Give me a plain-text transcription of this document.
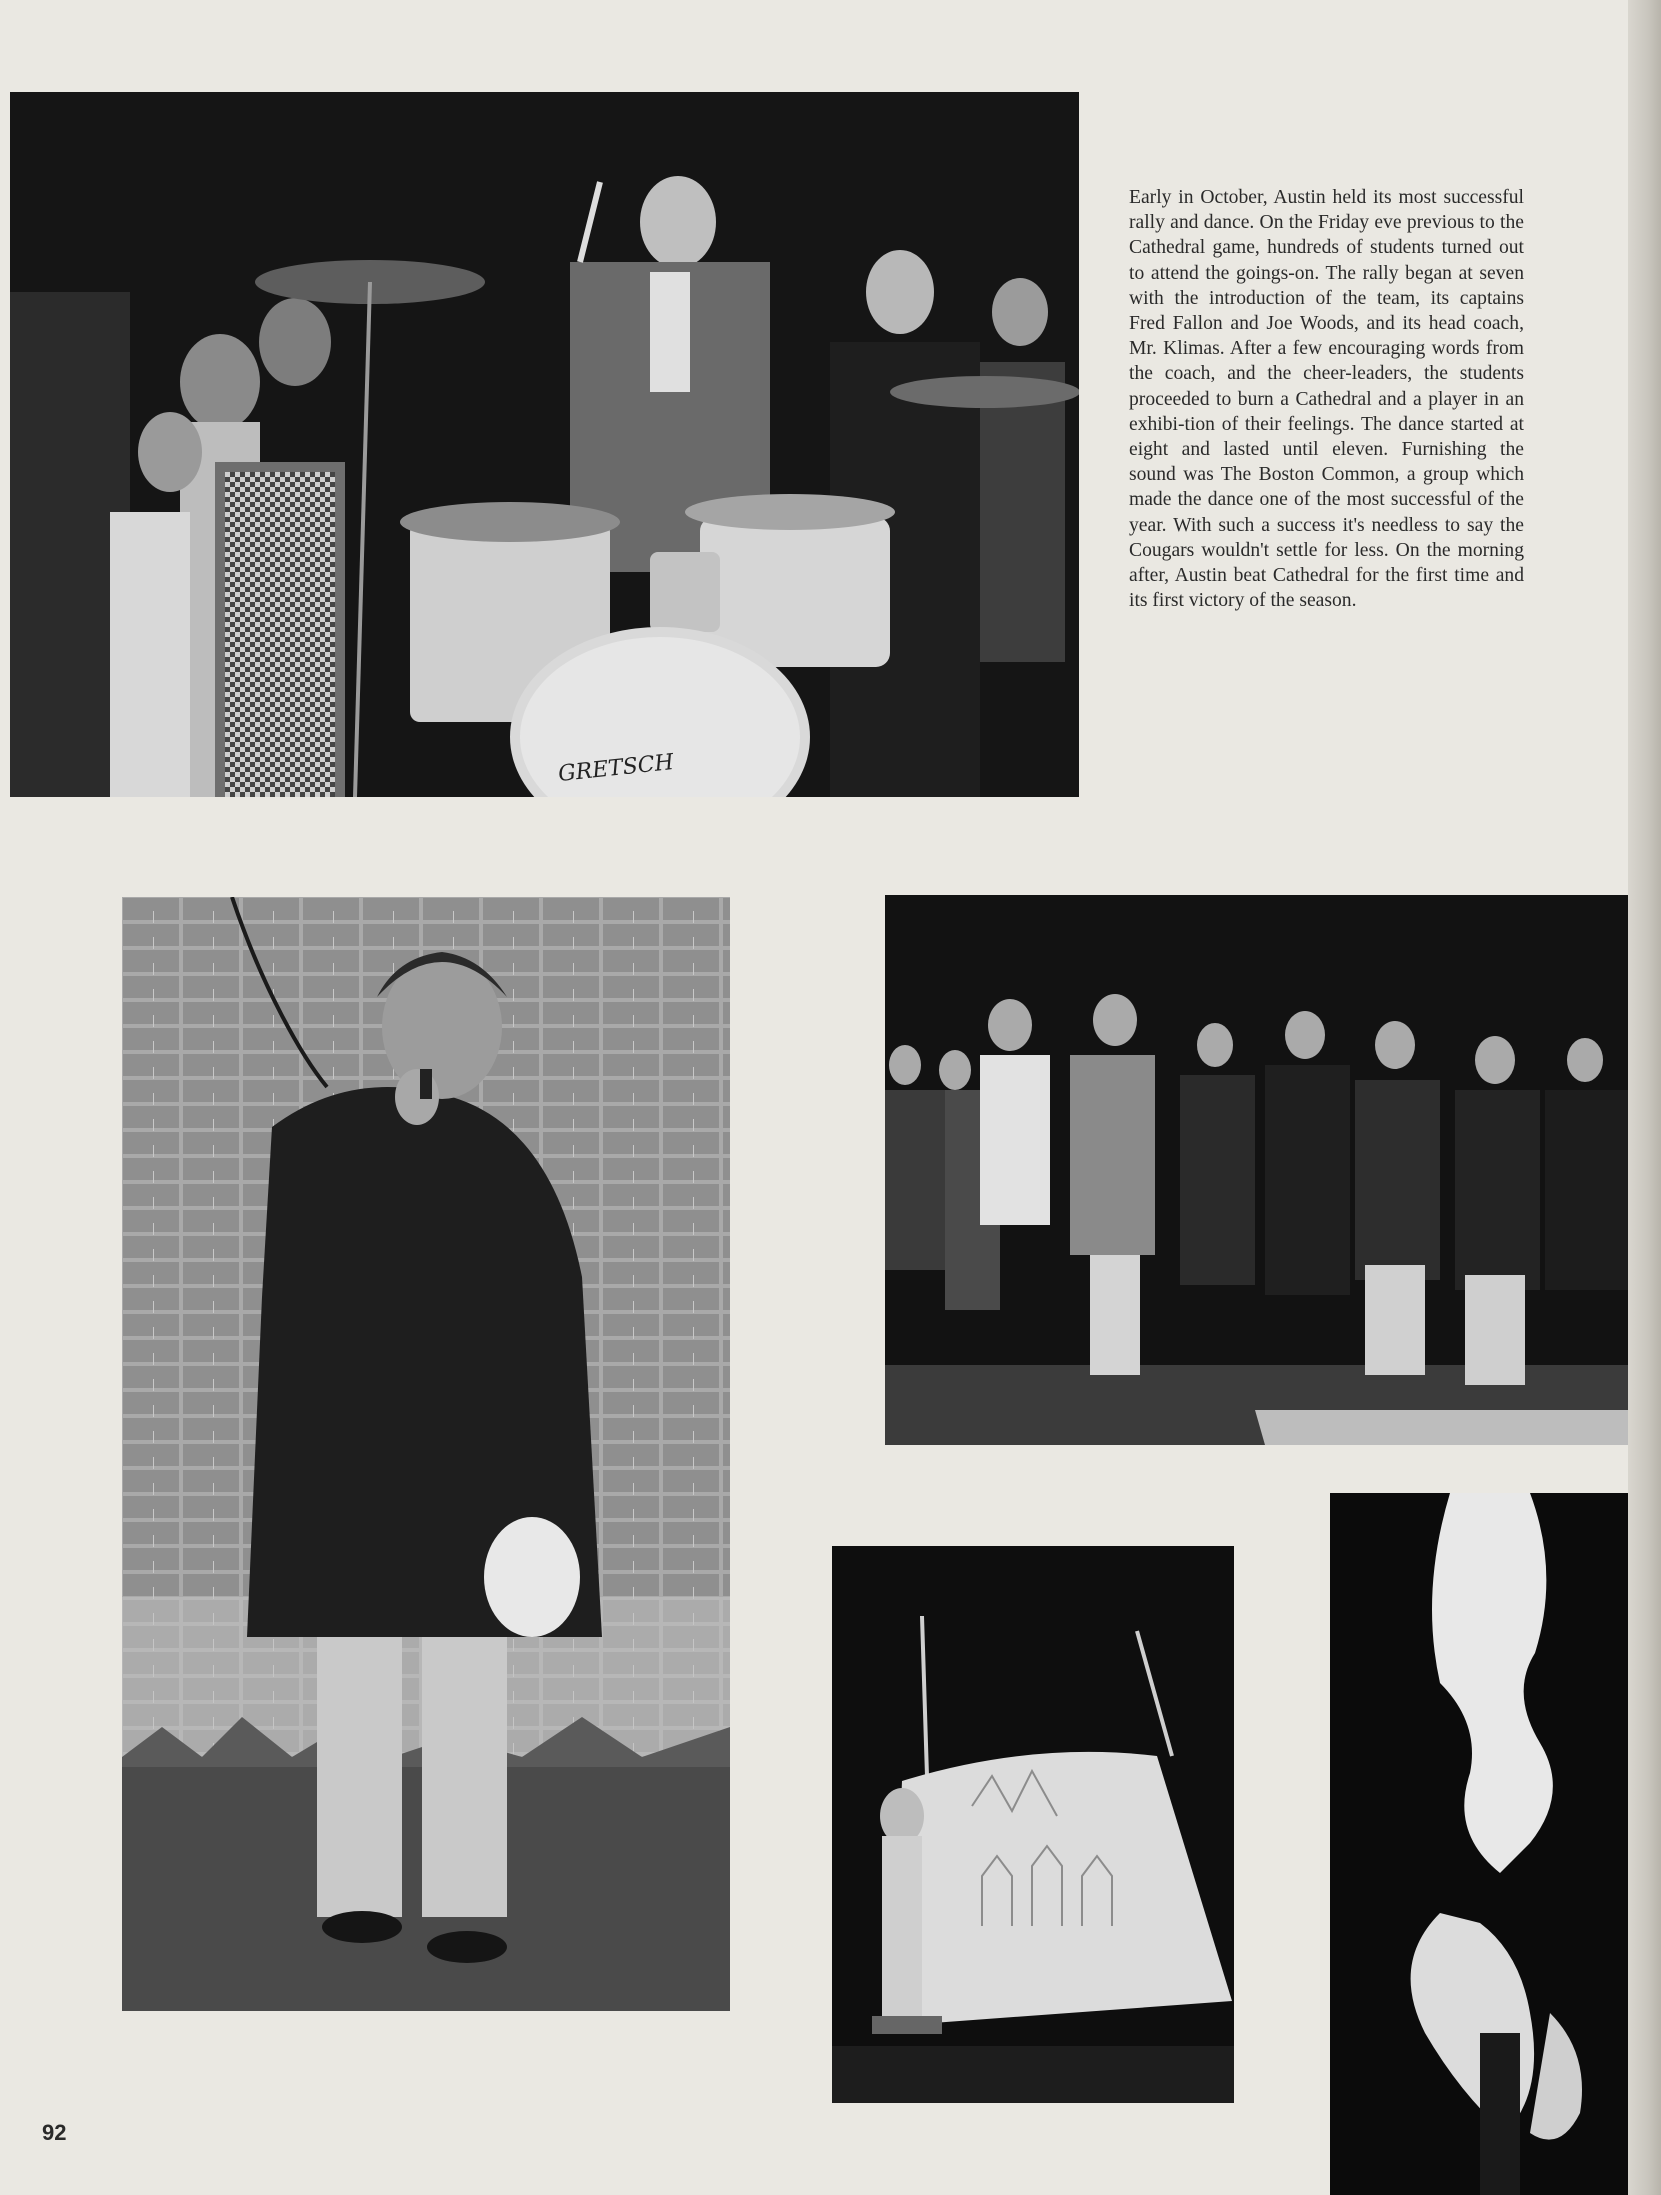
GRETSCH
Early in October, Austin held its most successful rally and dance. On the Friday eve previous to the Cathedral game, hundreds of students turned out to attend the goings-on. The rally began at seven with the introduction of the team, its captains Fred Fallon and Joe Woods, and its head coach, Mr. Klimas. After a few encouraging words from the coach, and the cheer-leaders, the students proceeded to burn a Cathedral and a player in an exhibi-tion of their feelings. The dance started at eight and lasted until eleven. Furnishing the sound was The Boston Common, a group which made the dance one of the most successful of the year. With such a success it's needless to say the Cougars wouldn't settle for less. On the morning after, Austin beat Cathedral for the first time and its first victory of the season.
92
